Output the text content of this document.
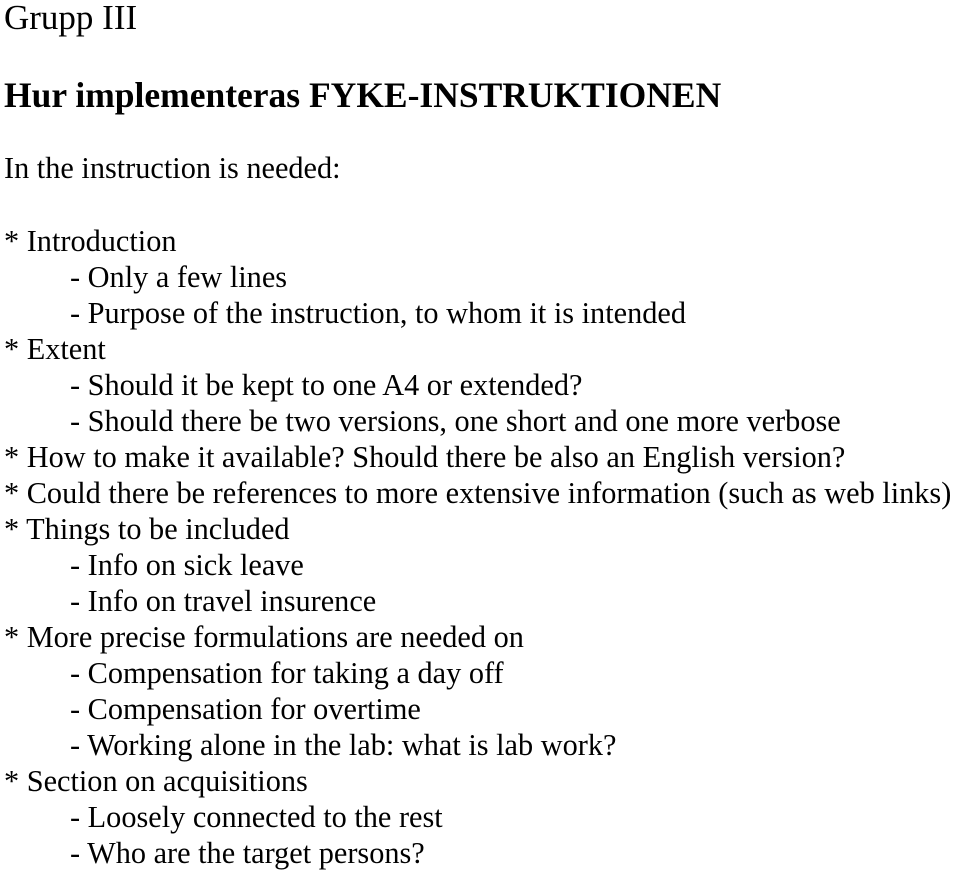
Grupp III
Hur implementeras FYKE-INSTRUKTIONEN
In the instruction is needed:
* Introduction
- Only a few lines
- Purpose of the instruction, to whom it is intended
* Extent
- Should it be kept to one A4 or extended?
- Should there be two versions, one short and one more verbose
* How to make it available? Should there be also an English version?
* Could there be references to more extensive information (such as web links)
* Things to be included
- Info on sick leave
- Info on travel insurence
* More precise formulations are needed on
- Compensation for taking a day off
- Compensation for overtime
- Working alone in the lab: what is lab work?
* Section on acquisitions
- Loosely connected to the rest
- Who are the target persons?
